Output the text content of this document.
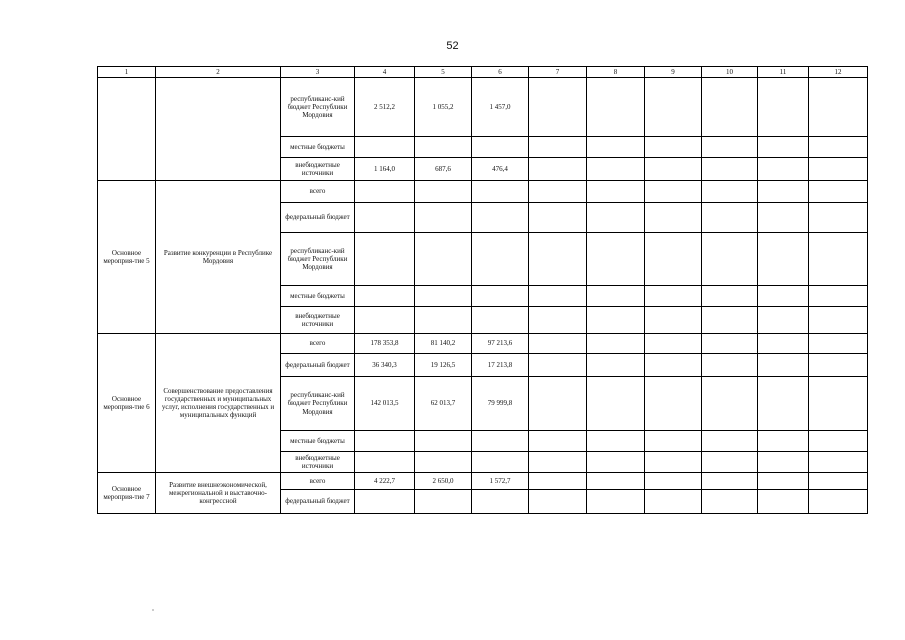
52
1	2	3	4	5	6	7	8	9	10	11	12
		республиканс-кий бюджет Республики Мордовия	2 512,2	1 055,2	1 457,0						
		местные бюджеты									
		внебюджетные источники	1 164,0	687,6	476,4						
Основное мероприя-тие 5	Развитие конкуренции в Республике Мордовия	всего									
		федеральный бюджет									
		республиканс-кий бюджет Республики Мордовия									
		местные бюджеты									
		внебюджетные источники									
Основное мероприя-тие 6	Совершенствование предоставления государственных и муниципальных услуг, исполнения государственных и муниципальных функций	всего	178 353,8	81 140,2	97 213,6						
		федеральный бюджет	36 340,3	19 126,5	17 213,8						
		республиканс-кий бюджет Республики Мордовия	142 013,5	62 013,7	79 999,8						
		местные бюджеты									
		внебюджетные источники									
Основное мероприя-тие 7	Развитие внешнеэкономической, межрегиональной и выставочно-конгрессной	всего	4 222,7	2 650,0	1 572,7						
		федеральный бюджет									
